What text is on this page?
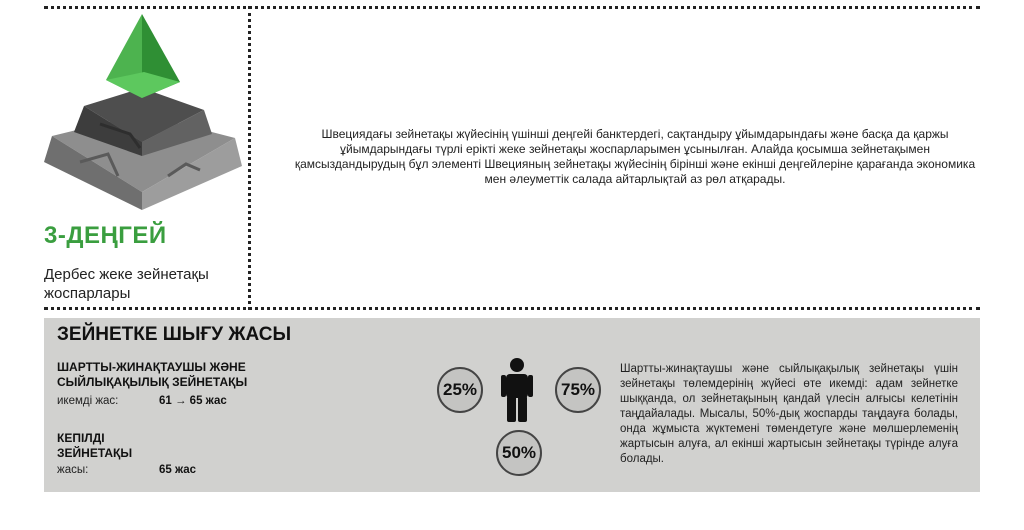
3-ДЕҢГЕЙ
Дербес жеке зейнетақы жоспарлары
Швециядағы зейнетақы жүйесінің үшінші деңгейі банктердегі, сақтандыру ұйымдарындағы және басқа да қаржы ұйымдарындағы түрлі ерікті жеке зейнетақы жоспарларымен ұсынылған. Алайда қосымша зейнетақымен қамсыздандырудың бұл элементі Швецияның зейнетақы жүйесінің бірінші және екінші деңгейлеріне қарағанда экономика мен әлеуметтік салада айтарлықтай аз рөл атқарады.
ЗЕЙНЕТКЕ ШЫҒУ ЖАСЫ
ШАРТТЫ-ЖИНАҚТАУШЫ ЖӘНЕ
СЫЙЛЫҚАҚЫЛЫҚ ЗЕЙНЕТАҚЫ
икемді жас:	61 → 65 жас
КЕПІЛДІ
ЗЕЙНЕТАҚЫ
жасы:	65 жас
25%	75%
50%
Шартты-жинақтаушы және сыйлықақылық зейнетақы үшін зейнетақы төлемдерінің жүйесі өте икемді: адам зейнетке шыққанда, ол зейнетақының қандай үлесін алғысы келетінін таңдайалады. Мысалы, 50%-дық жоспарды таңдауға болады, онда жұмыста жүктемені төмендетуге және мөлшерлеменің жартысын алуға, ал екінші жартысын зейнетақы түрінде алуға болады.
